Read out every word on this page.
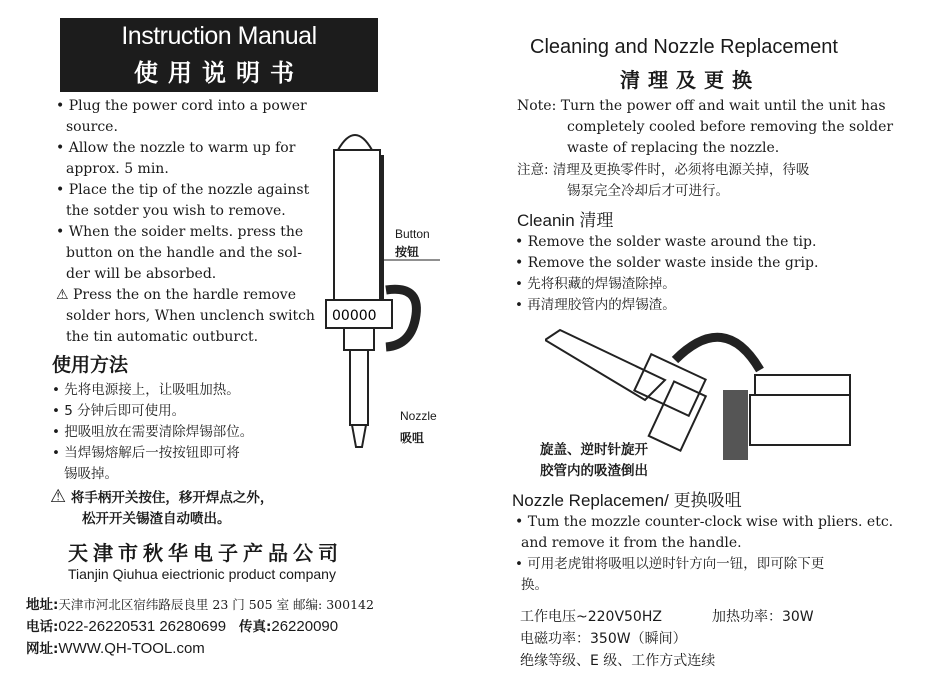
Instruction Manual
使用说明书
• Plug the power cord into a power
source.
• Allow the nozzle to warm up for
approx. 5 min.
• Place the tip of the nozzle against
the sotder you wish to remove.
• When the soider melts. press the
button on the handle and the sol-
der will be absorbed.
⚠ Press the on the hardle remove
solder hors, When unclench switch
the tin automatic outburct.
00000
Button
按钮
Nozzle
吸咀
使用方法
• 先将电源接上，让吸咀加热。
• 5 分钟后即可使用。
• 把吸咀放在需要清除焊锡部位。
• 当焊锡熔解后一按按钮即可将
锡吸掉。
⚠ 将手柄开关按住，移开焊点之外，
松开开关锡渣自动喷出。
天津市秋华电子产品公司
Tianjin Qiuhua eiectrionic product company
地址:天津市河北区宿纬路辰良里 23 门 505 室 邮编: 300142
电话:022-26220531 26280699 传真:26220090
网址:WWW.QH-TOOL.com
Cleaning and Nozzle Replacement
清理及更换
Note: Turn the power off and wait until the unit has
completely cooled before removing the solder
waste of replacing the nozzle.
注意: 清理及更换零件时，必须将电源关掉，待吸
锡泵完全冷却后才可进行。
Cleanin 清理
• Remove the solder waste around the tip.
• Remove the solder waste inside the grip.
• 先将积藏的焊锡渣除掉。
• 再清理胶管内的焊锡渣。
旋盖、逆时针旋开
胶管内的吸渣倒出
Nozzle Replacemen/ 更换吸咀
• Tum the mozzle counter-clock wise with pliers. etc.
and remove it from the handle.
• 可用老虎钳将吸咀以逆时针方向一钮，即可除下更
换。
工作电压~220V50HZ	加热功率：30W
电磁功率：350W（瞬间）
绝缘等级、E 级、工作方式连续
